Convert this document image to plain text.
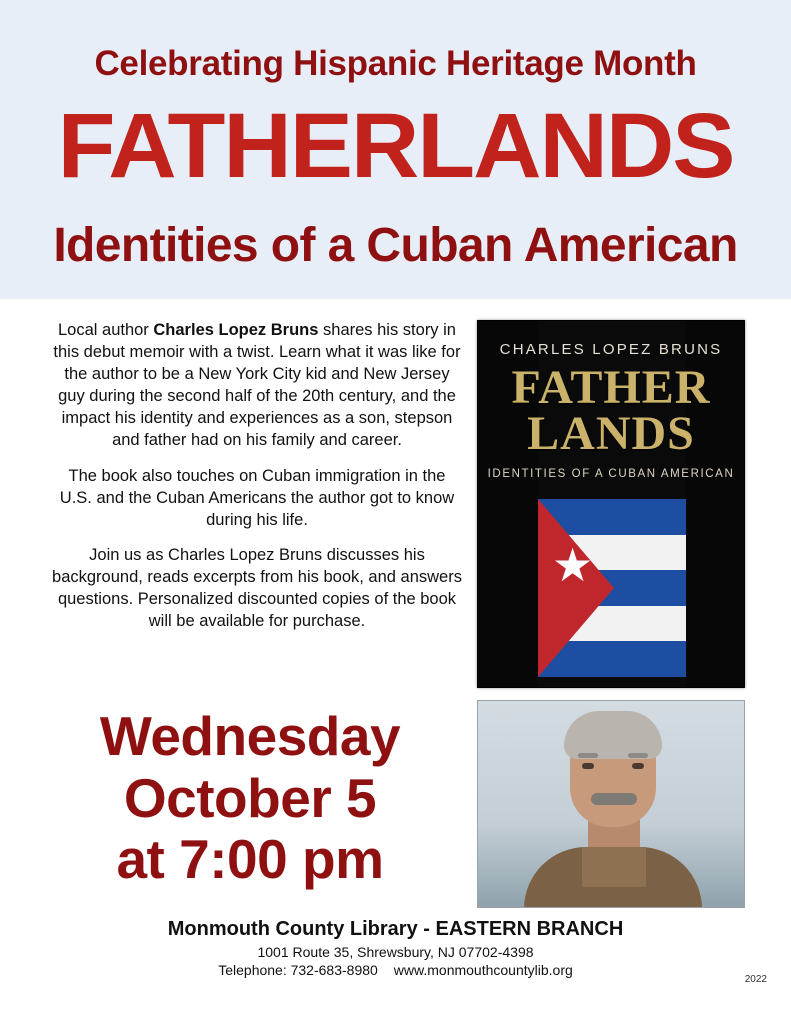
Celebrating Hispanic Heritage Month
FATHERLANDS
Identities of a Cuban American

Local author Charles Lopez Bruns shares his story in this debut memoir with a twist. Learn what it was like for the author to be a New York City kid and New Jersey guy during the second half of the 20th century, and the impact his identity and experiences as a son, stepson and father had on his family and career.

The book also touches on Cuban immigration in the U.S. and the Cuban Americans the author got to know during his life.

Join us as Charles Lopez Bruns discusses his background, reads excerpts from his book, and answers questions. Personalized discounted copies of the book will be available for purchase.

CHARLES LOPEZ BRUNS
FATHER
LANDS
IDENTITIES OF A CUBAN AMERICAN
Wednesday
October 5
at 7:00 pm
Monmouth County Library - EASTERN BRANCH
1001 Route 35, Shrewsbury, NJ 07702-4398
Telephone: 732-683-8980 www.monmouthcountylib.org
2022
